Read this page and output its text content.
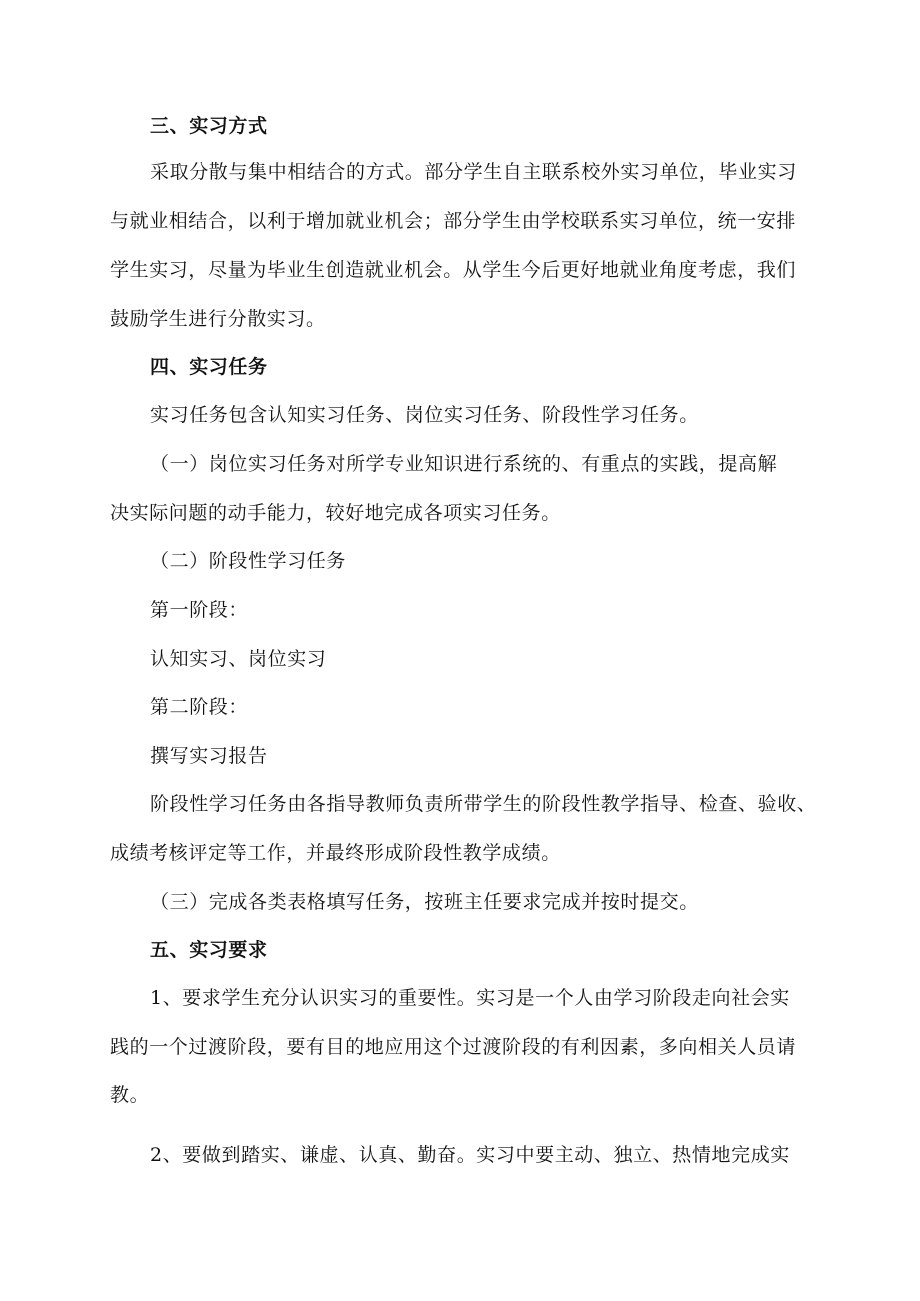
三、实习方式
采取分散与集中相结合的方式。部分学生自主联系校外实习单位，毕业实习
与就业相结合，以利于增加就业机会；部分学生由学校联系实习单位，统一安排
学生实习，尽量为毕业生创造就业机会。从学生今后更好地就业角度考虑，我们
鼓励学生进行分散实习。
四、实习任务
实习任务包含认知实习任务、岗位实习任务、阶段性学习任务。
（一）岗位实习任务对所学专业知识进行系统的、有重点的实践，提高解
决实际问题的动手能力，较好地完成各项实习任务。
（二）阶段性学习任务
第一阶段：
认知实习、岗位实习
第二阶段：
撰写实习报告
阶段性学习任务由各指导教师负责所带学生的阶段性教学指导、检查、验收、
成绩考核评定等工作，并最终形成阶段性教学成绩。
（三）完成各类表格填写任务，按班主任要求完成并按时提交。
五、实习要求
1、要求学生充分认识实习的重要性。实习是一个人由学习阶段走向社会实
践的一个过渡阶段，要有目的地应用这个过渡阶段的有利因素，多向相关人员请
教。
2、要做到踏实、谦虚、认真、勤奋。实习中要主动、独立、热情地完成实
